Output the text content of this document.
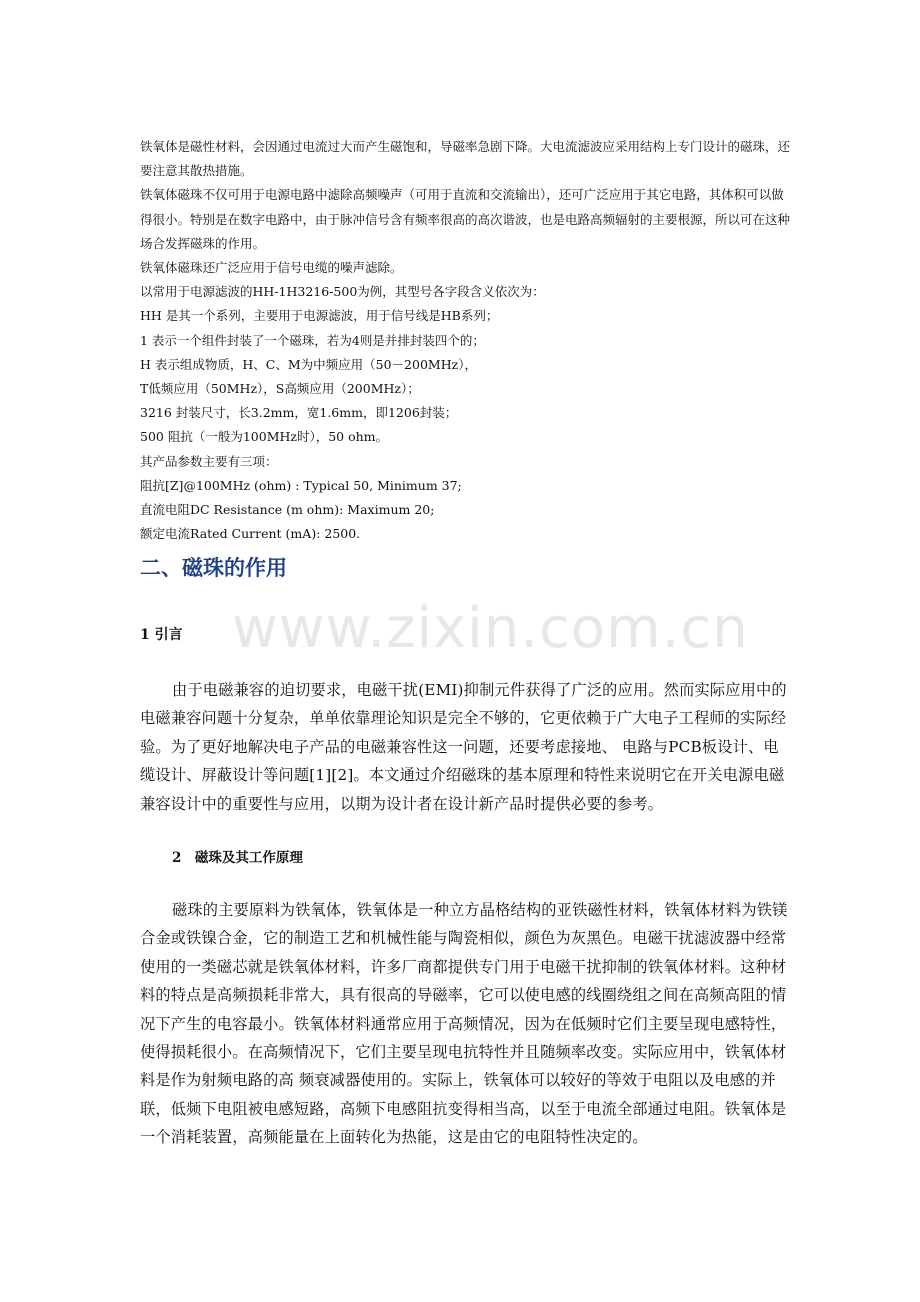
铁氧体是磁性材料，会因通过电流过大而产生磁饱和，导磁率急剧下降。大电流滤波应采用结构上专门设计的磁珠，还要注意其散热措施。

铁氧体磁珠不仅可用于电源电路中滤除高频噪声（可用于直流和交流输出），还可广泛应用于其它电路，其体积可以做得很小。特别是在数字电路中，由于脉冲信号含有频率很高的高次谐波，也是电路高频辐射的主要根源，所以可在这种场合发挥磁珠的作用。

铁氧体磁珠还广泛应用于信号电缆的噪声滤除。

以常用于电源滤波的HH-1H3216-500为例，其型号各字段含义依次为：

HH 是其一个系列，主要用于电源滤波，用于信号线是HB系列；

1 表示一个组件封装了一个磁珠，若为4则是并排封装四个的；

H 表示组成物质，H、C、M为中频应用（50－200MHz），

T低频应用（50MHz），S高频应用（200MHz）；

3216 封装尺寸，长3.2mm，宽1.6mm，即1206封装；

500 阻抗（一般为100MHz时），50 ohm。

其产品参数主要有三项：

阻抗[Z]@100MHz (ohm) : Typical 50, Minimum 37;

直流电阻DC Resistance (m ohm): Maximum 20;

额定电流Rated Current (mA): 2500.

二、磁珠的作用
www.zixin.com.cn
1 引言

由于电磁兼容的迫切要求，电磁干扰(EMI)抑制元件获得了广泛的应用。然而实际应用中的电磁兼容问题十分复杂，单单依靠理论知识是完全不够的，它更依赖于广大电子工程师的实际经验。为了更好地解决电子产品的电磁兼容性这一问题，还要考虑接地、 电路与PCB板设计、电缆设计、屏蔽设计等问题[1][2]。本文通过介绍磁珠的基本原理和特性来说明它在开关电源电磁兼容设计中的重要性与应用，以期为设计者在设计新产品时提供必要的参考。

2　磁珠及其工作原理

磁珠的主要原料为铁氧体，铁氧体是一种立方晶格结构的亚铁磁性材料，铁氧体材料为铁镁合金或铁镍合金，它的制造工艺和机械性能与陶瓷相似，颜色为灰黑色。电磁干扰滤波器中经常使用的一类磁芯就是铁氧体材料，许多厂商都提供专门用于电磁干扰抑制的铁氧体材料。这种材料的特点是高频损耗非常大，具有很高的导磁率，它可以使电感的线圈绕组之间在高频高阻的情况下产生的电容最小。铁氧体材料通常应用于高频情况，因为在低频时它们主要呈现电感特性，使得损耗很小。在高频情况下，它们主要呈现电抗特性并且随频率改变。实际应用中，铁氧体材料是作为射频电路的高 频衰减器使用的。实际上，铁氧体可以较好的等效于电阻以及电感的并联，低频下电阻被电感短路，高频下电感阻抗变得相当高，以至于电流全部通过电阻。铁氧体是一个消耗装置，高频能量在上面转化为热能，这是由它的电阻特性决定的。
